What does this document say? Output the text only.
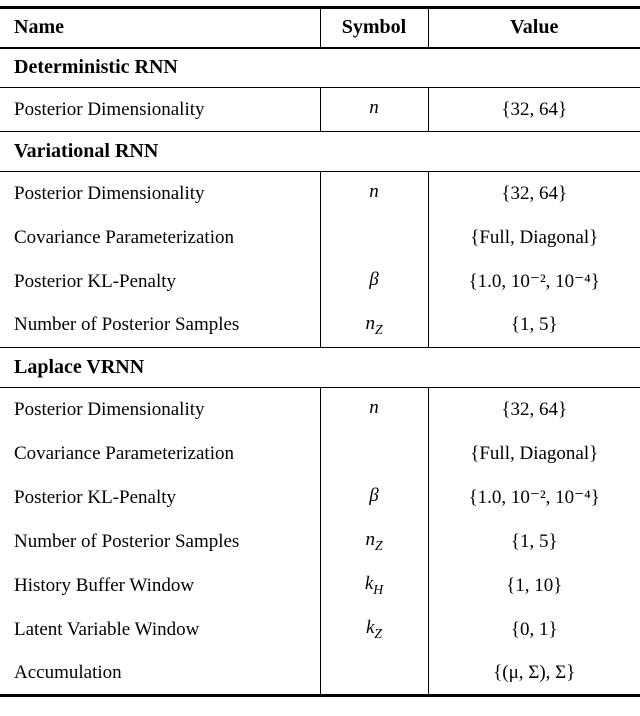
Name	Symbol	Value
Deterministic RNN		
Posterior Dimensionality	n	{32, 64}
Variational RNN		
Posterior Dimensionality	n	{32, 64}
Covariance Parameterization		{Full, Diagonal}
Posterior KL-Penalty	β	{1.0, 10⁻², 10⁻⁴}
Number of Posterior Samples	$n_Z$	{1, 5}
Laplace VRNN		
Posterior Dimensionality	n	{32, 64}
Covariance Parameterization		{Full, Diagonal}
Posterior KL-Penalty	β	{1.0, 10⁻², 10⁻⁴}
Number of Posterior Samples	$n_Z$	{1, 5}
History Buffer Window	$k_H$	{1, 10}
Latent Variable Window	$k_Z$	{0, 1}
Accumulation		{(μ, Σ), Σ}
